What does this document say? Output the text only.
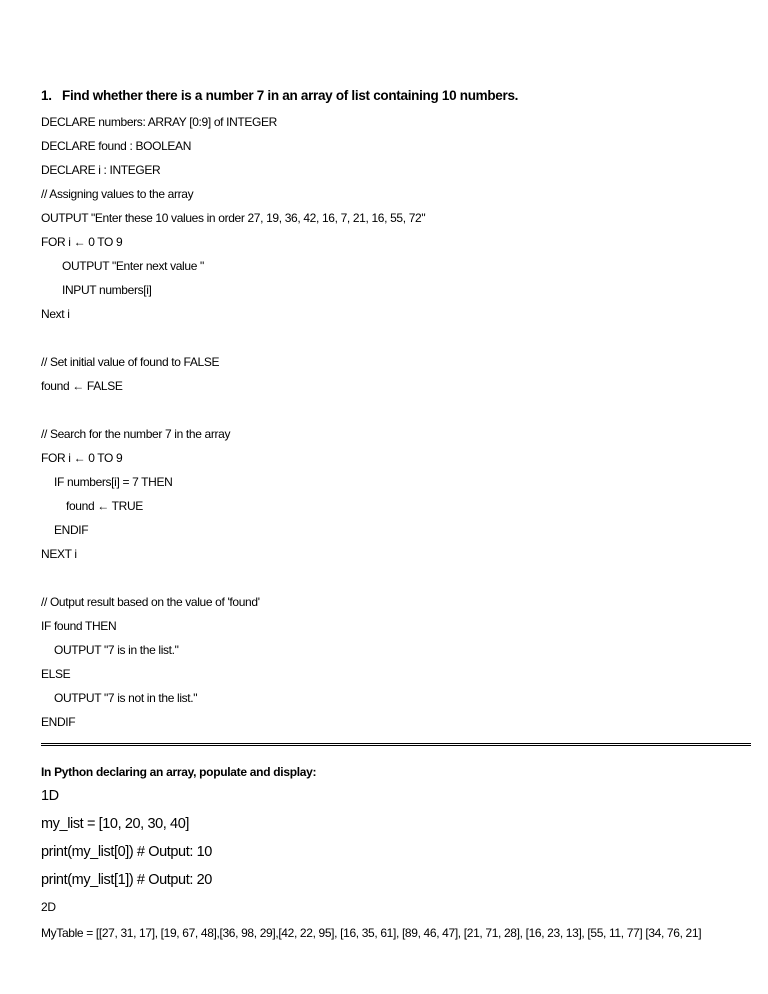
1.   Find whether there is a number 7 in an array of list containing 10 numbers.
DECLARE numbers: ARRAY [0:9] of INTEGER
DECLARE found : BOOLEAN
DECLARE i : INTEGER
// Assigning values to the array
OUTPUT "Enter these 10 values in order 27, 19, 36, 42, 16, 7, 21, 16, 55, 72"
FOR i ← 0 TO 9
OUTPUT "Enter next value "
INPUT numbers[i]
Next i
// Set initial value of found to FALSE
found ← FALSE
// Search for the number 7 in the array
FOR i ← 0 TO 9
IF numbers[i] = 7 THEN
found ← TRUE
ENDIF
NEXT i
// Output result based on the value of 'found'
IF found THEN
OUTPUT "7 is in the list."
ELSE
OUTPUT "7 is not in the list."
ENDIF
In Python declaring an array, populate and display:
1D
my_list = [10, 20, 30, 40]
print(my_list[0]) # Output: 10
print(my_list[1]) # Output: 20
2D
MyTable = [[27, 31, 17], [19, 67, 48],[36, 98, 29],[42, 22, 95], [16, 35, 61], [89, 46, 47], [21, 71, 28], [16, 23, 13], [55, 11, 77] [34, 76, 21]
